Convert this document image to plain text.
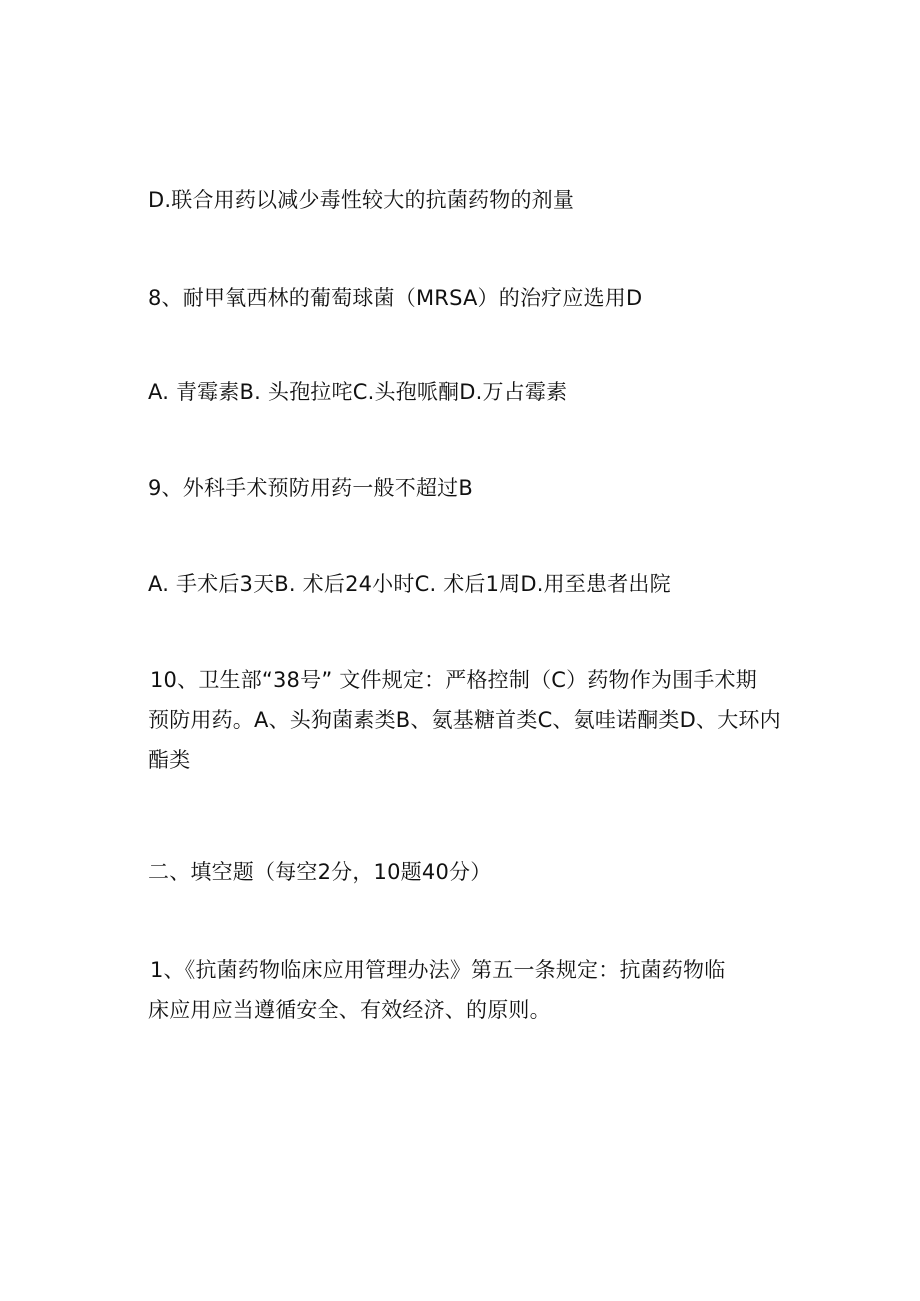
D.联合用药以减少毒性较大的抗菌药物的剂量
8、耐甲氧西林的葡萄球菌（MRSA）的治疗应选用D
A. 青霉素B. 头孢拉咤C.头孢哌酮D.万占霉素
9、外科手术预防用药一般不超过B
A. 手术后3天B. 术后24小时C. 术后1周D.用至患者出院
10、卫生部“38号” 文件规定：严格控制（C）药物作为围手术期
预防用药。A、头狗菌素类B、氨基糖首类C、氨哇诺酮类D、大环内
酯类
二、填空题（每空2分，10题40分）
1、《抗菌药物临床应用管理办法》第五一条规定：抗菌药物临
床应用应当遵循安全、有效经济、的原则。
